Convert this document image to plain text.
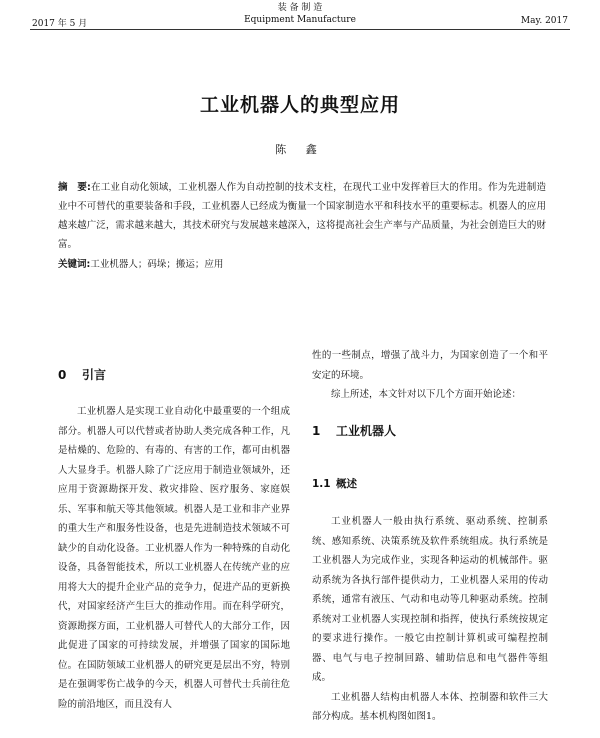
装 备 制 造
Equipment Manufacture
2017 年 5 月	May. 2017
工业机器人的典型应用
陈 鑫
摘　要:在工业自动化领域，工业机器人作为自动控制的技术支柱，在现代工业中发挥着巨大的作用。作为先进制造业中不可替代的重要装备和手段，工业机器人已经成为衡量一个国家制造水平和科技水平的重要标志。机器人的应用越来越广泛，需求越来越大，其技术研究与发展越来越深入，这将提高社会生产率与产品质量，为社会创造巨大的财富。
关键词:工业机器人；码垛；搬运；应用
0 引言

工业机器人是实现工业自动化中最重要的一个组成部分。机器人可以代替或者协助人类完成各种工作，凡是枯燥的、危险的、有毒的、有害的工作，都可由机器人大显身手。机器人除了广泛应用于制造业领域外，还应用于资源勘探开发、救灾排险、医疗服务、家庭娱乐、军事和航天等其他领域。机器人是工业和非产业界的重大生产和服务性设备，也是先进制造技术领域不可缺少的自动化设备。工业机器人作为一种特殊的自动化设备，具备智能技术，所以工业机器人在传统产业的应用将大大的提升企业产品的竞争力，促进产品的更新换代，对国家经济产生巨大的推动作用。而在科学研究，资源勘探方面，工业机器人可替代人的大部分工作，因此促进了国家的可持续发展，并增强了国家的国际地位。在国防领域工业机器人的研究更是层出不穷，特别是在强调零伤亡战争的今天，机器人可替代士兵前往危险的前沿地区，而且没有人

性的一些制点，增强了战斗力，为国家创造了一个和平安定的环境。

综上所述，本文针对以下几个方面开始论述：

1 工业机器人
1.1 概述

工业机器人一般由执行系统、驱动系统、控制系统、感知系统、决策系统及软件系统组成。执行系统是工业机器人为完成作业，实现各种运动的机械部件。驱动系统为各执行部件提供动力，工业机器人采用的传动系统，通常有液压、气动和电动等几种驱动系统。控制系统对工业机器人实现控制和指挥，使执行系统按规定的要求进行操作。一般它由控制计算机或可编程控制器、电气与电子控制回路、辅助信息和电气器件等组成。

工业机器人结构由机器人本体、控制器和软件三大部分构成。基本机构图如图1。
